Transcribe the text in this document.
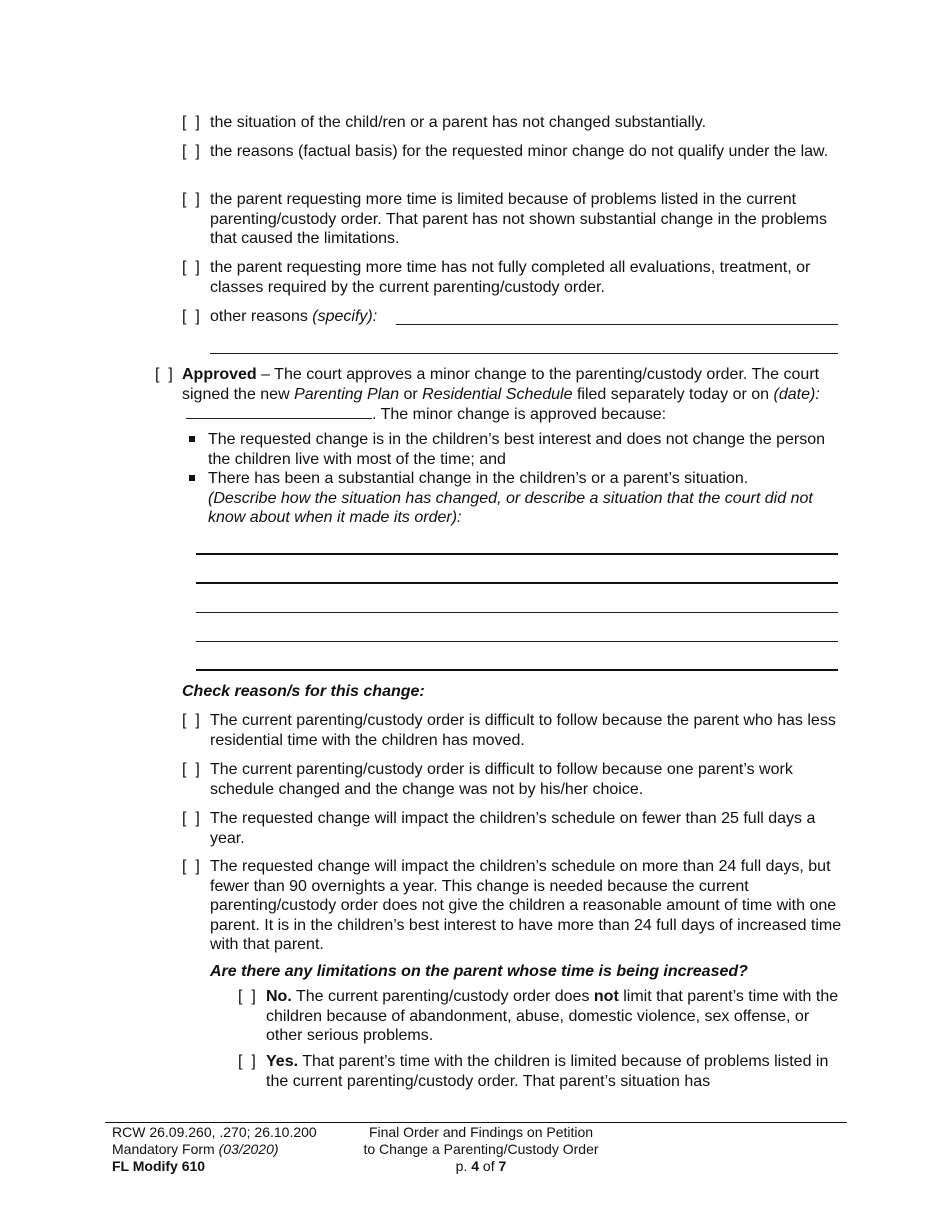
[  ] the situation of the child/ren or a parent has not changed substantially.
[  ] the reasons (factual basis) for the requested minor change do not qualify under the law.
[  ] the parent requesting more time is limited because of problems listed in the current parenting/custody order. That parent has not shown substantial change in the problems that caused the limitations.
[  ] the parent requesting more time has not fully completed all evaluations, treatment, or classes required by the current parenting/custody order.
[  ] other reasons (specify):
[  ] Approved – The court approves a minor change to the parenting/custody order. The court signed the new Parenting Plan or Residential Schedule filed separately today or on (date):. The minor change is approved because:
The requested change is in the children’s best interest and does not change the person the children live with most of the time; and
There has been a substantial change in the children’s or a parent’s situation.
(Describe how the situation has changed, or describe a situation that the court did not know about when it made its order):
Check reason/s for this change:
[  ] The current parenting/custody order is difficult to follow because the parent who has less residential time with the children has moved.
[  ] The current parenting/custody order is difficult to follow because one parent’s work schedule changed and the change was not by his/her choice.
[  ] The requested change will impact the children’s schedule on fewer than 25 full days a year.
[  ] The requested change will impact the children’s schedule on more than 24 full days, but fewer than 90 overnights a year. This change is needed because the current parenting/custody order does not give the children a reasonable amount of time with one parent. It is in the children’s best interest to have more than 24 full days of increased time with that parent.
Are there any limitations on the parent whose time is being increased?
[  ] No. The current parenting/custody order does not limit that parent’s time with the children because of abandonment, abuse, domestic violence, sex offense, or other serious problems.
[  ] Yes. That parent’s time with the children is limited because of problems listed in the current parenting/custody order. That parent’s situation has
RCW 26.09.260, .270; 26.10.200
Mandatory Form (03/2020)
FL Modify 610
Final Order and Findings on Petition
to Change a Parenting/Custody Order
p. 4 of 7
